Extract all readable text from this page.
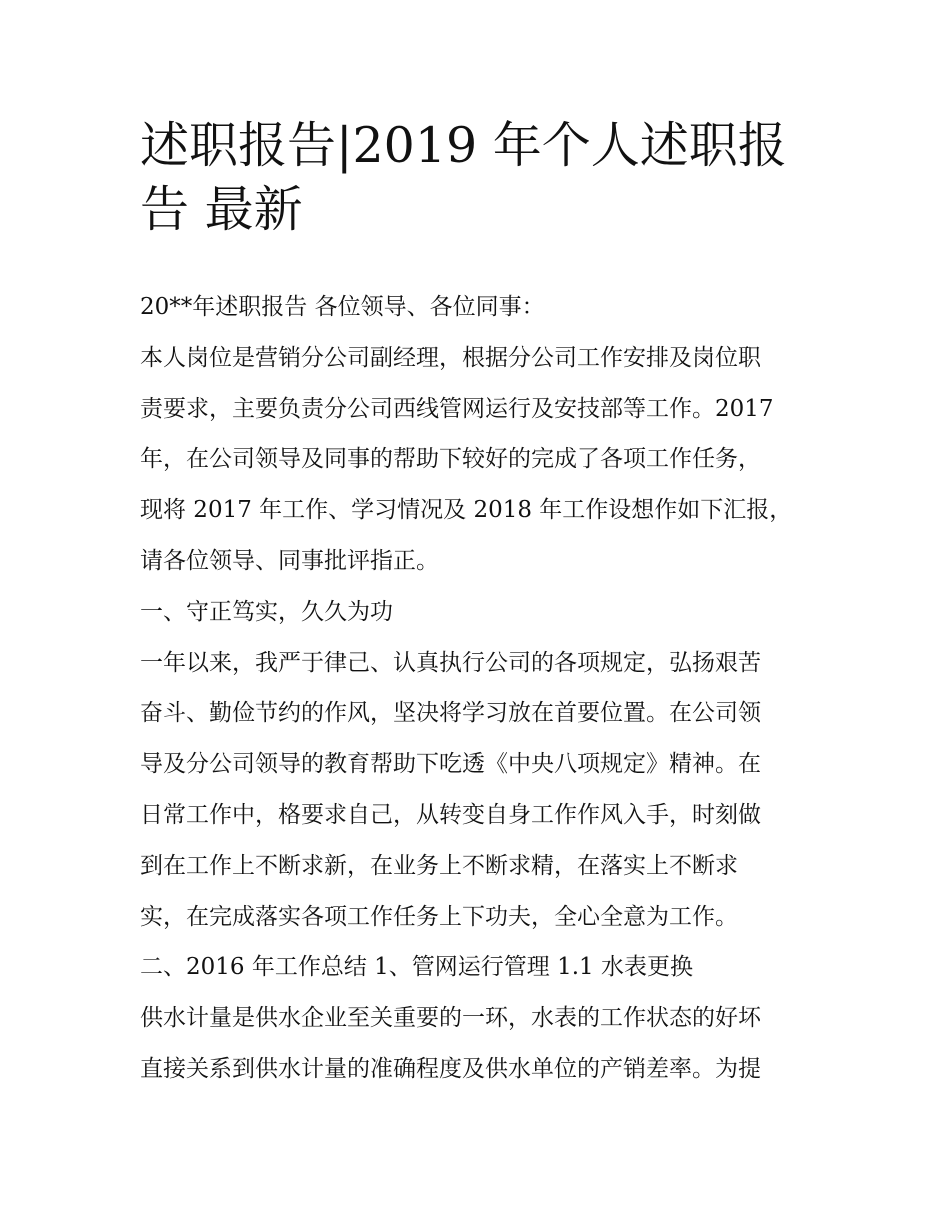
述职报告|2019 年个人述职报
告 最新
20**年述职报告 各位领导、各位同事：
本人岗位是营销分公司副经理，根据分公司工作安排及岗位职
责要求，主要负责分公司西线管网运行及安技部等工作。2017
年，在公司领导及同事的帮助下较好的完成了各项工作任务，
现将 2017 年工作、学习情况及 2018 年工作设想作如下汇报，
请各位领导、同事批评指正。
一、守正笃实，久久为功
一年以来，我严于律己、认真执行公司的各项规定，弘扬艰苦
奋斗、勤俭节约的作风，坚决将学习放在首要位置。在公司领
导及分公司领导的教育帮助下吃透《中央八项规定》精神。在
日常工作中，格要求自己，从转变自身工作作风入手，时刻做
到在工作上不断求新，在业务上不断求精，在落实上不断求
实，在完成落实各项工作任务上下功夫，全心全意为工作。
二、2016 年工作总结 1、管网运行管理 1.1 水表更换
供水计量是供水企业至关重要的一环，水表的工作状态的好坏
直接关系到供水计量的准确程度及供水单位的产销差率。为提
